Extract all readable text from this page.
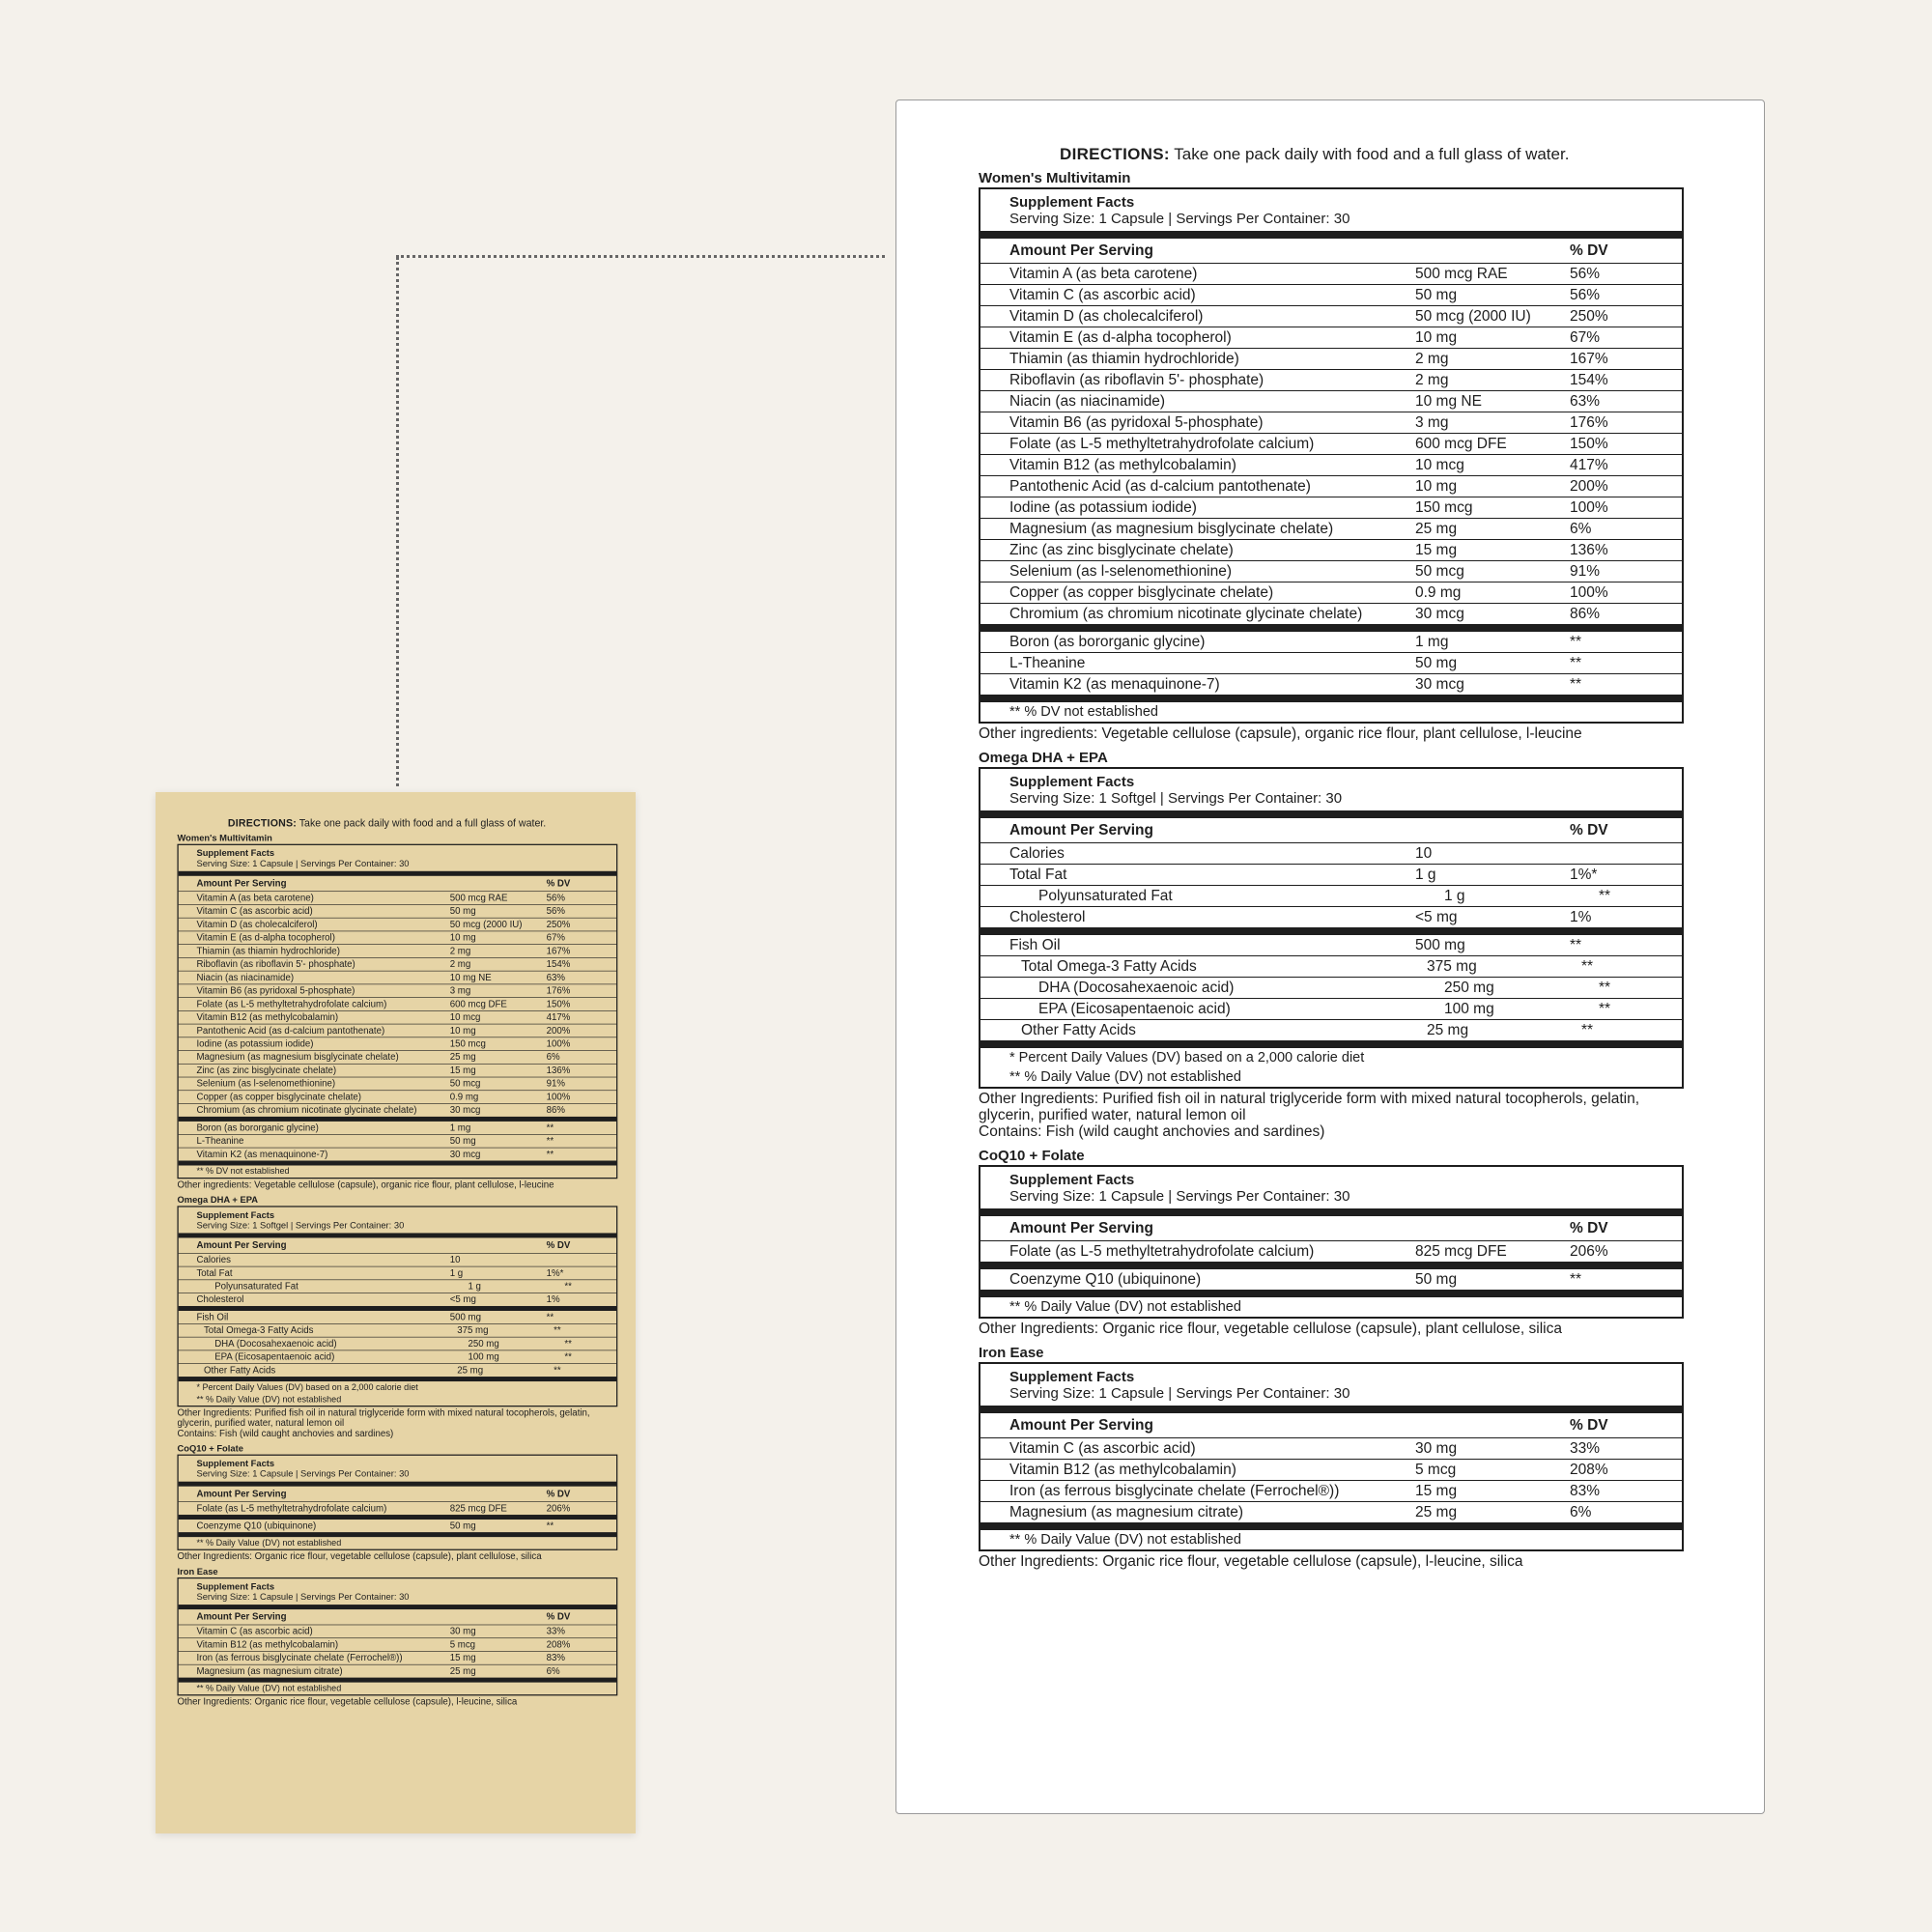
DIRECTIONS: Take one pack daily with food and a full glass of water.
Women's Multivitamin
Supplement Facts
Serving Size: 1 Capsule | Servings Per Container: 30
Amount Per Serving	% DV
Vitamin A (as beta carotene)	500 mcg RAE	56%
Vitamin C (as ascorbic acid)	50 mg	56%
Vitamin D (as cholecalciferol)	50 mcg (2000 IU)	250%
Vitamin E (as d-alpha tocopherol)	10 mg	67%
Thiamin (as thiamin hydrochloride)	2 mg	167%
Riboflavin (as riboflavin 5'- phosphate)	2 mg	154%
Niacin (as niacinamide)	10 mg NE	63%
Vitamin B6 (as pyridoxal 5-phosphate)	3 mg	176%
Folate (as L-5 methyltetrahydrofolate calcium)	600 mcg DFE	150%
Vitamin B12 (as methylcobalamin)	10 mcg	417%
Pantothenic Acid (as d-calcium pantothenate)	10 mg	200%
Iodine (as potassium iodide)	150 mcg	100%
Magnesium (as magnesium bisglycinate chelate)	25 mg	6%
Zinc (as zinc bisglycinate chelate)	15 mg	136%
Selenium (as l-selenomethionine)	50 mcg	91%
Copper (as copper bisglycinate chelate)	0.9 mg	100%
Chromium (as chromium nicotinate glycinate chelate)	30 mcg	86%
Boron (as bororganic glycine)	1 mg	**
L-Theanine	50 mg	**
Vitamin K2 (as menaquinone-7)	30 mcg	**
** % DV not established
Other ingredients: Vegetable cellulose (capsule), organic rice flour, plant cellulose, l-leucine
Omega DHA + EPA
Supplement Facts
Serving Size: 1 Softgel | Servings Per Container: 30
Amount Per Serving	% DV
Calories	10
Total Fat	1 g	1%*
Polyunsaturated Fat	1 g	**
Cholesterol	<5 mg	1%
Fish Oil	500 mg	**
Total Omega-3 Fatty Acids	375 mg	**
DHA (Docosahexaenoic acid)	250 mg	**
EPA (Eicosapentaenoic acid)	100 mg	**
Other Fatty Acids	25 mg	**
* Percent Daily Values (DV) based on a 2,000 calorie diet
** % Daily Value (DV) not established
Other Ingredients: Purified fish oil in natural triglyceride form with mixed natural tocopherols, gelatin, glycerin, purified water, natural lemon oil
Contains: Fish (wild caught anchovies and sardines)
CoQ10 + Folate
Supplement Facts
Serving Size: 1 Capsule | Servings Per Container: 30
Amount Per Serving	% DV
Folate (as L-5 methyltetrahydrofolate calcium)	825 mcg DFE	206%
Coenzyme Q10 (ubiquinone)	50 mg	**
** % Daily Value (DV) not established
Other Ingredients: Organic rice flour, vegetable cellulose (capsule), plant cellulose, silica
Iron Ease
Supplement Facts
Serving Size: 1 Capsule | Servings Per Container: 30
Amount Per Serving	% DV
Vitamin C (as ascorbic acid)	30 mg	33%
Vitamin B12 (as methylcobalamin)	5 mcg	208%
Iron (as ferrous bisglycinate chelate (Ferrochel®))	15 mg	83%
Magnesium (as magnesium citrate)	25 mg	6%
** % Daily Value (DV) not established
Other Ingredients: Organic rice flour, vegetable cellulose (capsule), l-leucine, silica
DIRECTIONS: Take one pack daily with food and a full glass of water.
Women's Multivitamin
Supplement Facts
Serving Size: 1 Capsule | Servings Per Container: 30
Amount Per Serving	% DV
Vitamin A (as beta carotene)	500 mcg RAE	56%
Vitamin C (as ascorbic acid)	50 mg	56%
Vitamin D (as cholecalciferol)	50 mcg (2000 IU)	250%
Vitamin E (as d-alpha tocopherol)	10 mg	67%
Thiamin (as thiamin hydrochloride)	2 mg	167%
Riboflavin (as riboflavin 5'- phosphate)	2 mg	154%
Niacin (as niacinamide)	10 mg NE	63%
Vitamin B6 (as pyridoxal 5-phosphate)	3 mg	176%
Folate (as L-5 methyltetrahydrofolate calcium)	600 mcg DFE	150%
Vitamin B12 (as methylcobalamin)	10 mcg	417%
Pantothenic Acid (as d-calcium pantothenate)	10 mg	200%
Iodine (as potassium iodide)	150 mcg	100%
Magnesium (as magnesium bisglycinate chelate)	25 mg	6%
Zinc (as zinc bisglycinate chelate)	15 mg	136%
Selenium (as l-selenomethionine)	50 mcg	91%
Copper (as copper bisglycinate chelate)	0.9 mg	100%
Chromium (as chromium nicotinate glycinate chelate)	30 mcg	86%
Boron (as bororganic glycine)	1 mg	**
L-Theanine	50 mg	**
Vitamin K2 (as menaquinone-7)	30 mcg	**
** % DV not established
Other ingredients: Vegetable cellulose (capsule), organic rice flour, plant cellulose, l-leucine
Omega DHA + EPA
Supplement Facts
Serving Size: 1 Softgel | Servings Per Container: 30
Amount Per Serving	% DV
Calories	10
Total Fat	1 g	1%*
Polyunsaturated Fat	1 g	**
Cholesterol	<5 mg	1%
Fish Oil	500 mg	**
Total Omega-3 Fatty Acids	375 mg	**
DHA (Docosahexaenoic acid)	250 mg	**
EPA (Eicosapentaenoic acid)	100 mg	**
Other Fatty Acids	25 mg	**
* Percent Daily Values (DV) based on a 2,000 calorie diet
** % Daily Value (DV) not established
Other Ingredients: Purified fish oil in natural triglyceride form with mixed natural tocopherols, gelatin, glycerin, purified water, natural lemon oil
Contains: Fish (wild caught anchovies and sardines)
CoQ10 + Folate
Supplement Facts
Serving Size: 1 Capsule | Servings Per Container: 30
Amount Per Serving	% DV
Folate (as L-5 methyltetrahydrofolate calcium)	825 mcg DFE	206%
Coenzyme Q10 (ubiquinone)	50 mg	**
** % Daily Value (DV) not established
Other Ingredients: Organic rice flour, vegetable cellulose (capsule), plant cellulose, silica
Iron Ease
Supplement Facts
Serving Size: 1 Capsule | Servings Per Container: 30
Amount Per Serving	% DV
Vitamin C (as ascorbic acid)	30 mg	33%
Vitamin B12 (as methylcobalamin)	5 mcg	208%
Iron (as ferrous bisglycinate chelate (Ferrochel®))	15 mg	83%
Magnesium (as magnesium citrate)	25 mg	6%
** % Daily Value (DV) not established
Other Ingredients: Organic rice flour, vegetable cellulose (capsule), l-leucine, silica
